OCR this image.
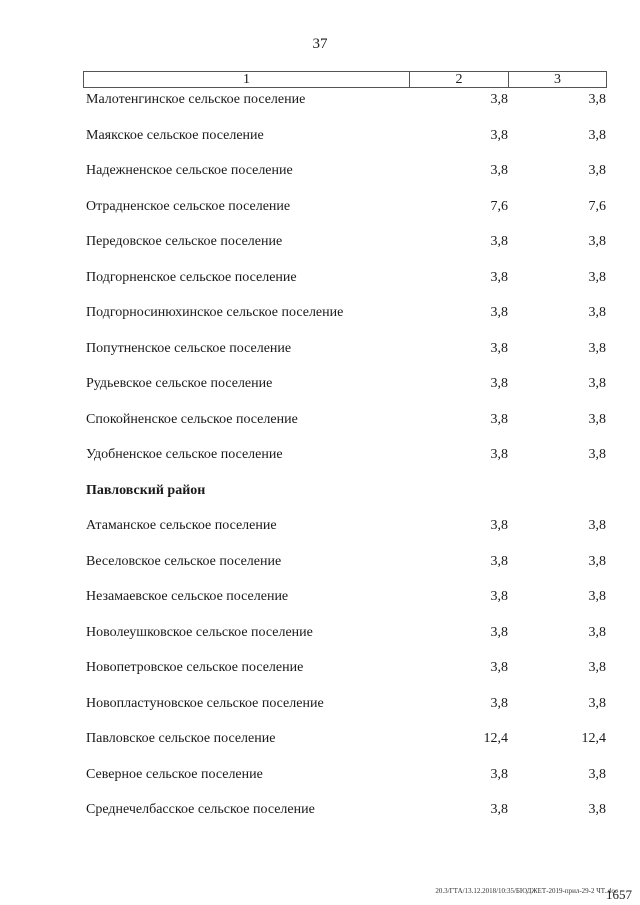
37
1	2	3
Малотенгинское сельское поселение	3,8	3,8
Маякское сельское поселение	3,8	3,8
Надежненское сельское поселение	3,8	3,8
Отрадненское сельское поселение	7,6	7,6
Передовское сельское поселение	3,8	3,8
Подгорненское сельское поселение	3,8	3,8
Подгорносинюхинское сельское поселение	3,8	3,8
Попутненское сельское поселение	3,8	3,8
Рудьевское сельское поселение	3,8	3,8
Спокойненское сельское поселение	3,8	3,8
Удобненское сельское поселение	3,8	3,8
Павловский район
Атаманское сельское поселение	3,8	3,8
Веселовское сельское поселение	3,8	3,8
Незамаевское сельское поселение	3,8	3,8
Новолеушковское сельское поселение	3,8	3,8
Новопетровское сельское поселение	3,8	3,8
Новопластуновское сельское поселение	3,8	3,8
Павловское сельское поселение	12,4	12,4
Северное сельское поселение	3,8	3,8
Среднечелбасское сельское поселение	3,8	3,8
20.3/ГТА/13.12.2018/10:35/БЮДЖЕТ-2019-прил-29-2 ЧТ..doc
1657
